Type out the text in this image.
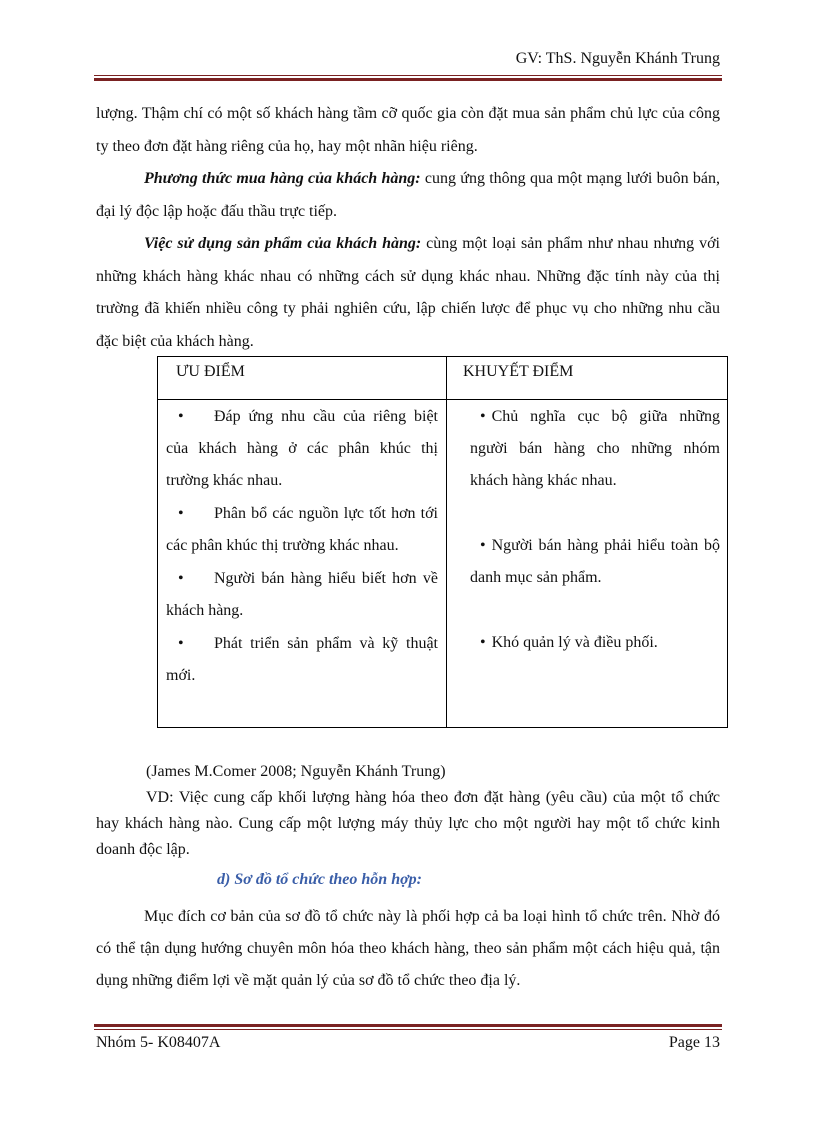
GV: ThS. Nguyễn Khánh Trung

lượng. Thậm chí có một số khách hàng tầm cỡ quốc gia còn đặt mua sản phẩm chủ lực của công ty theo đơn đặt hàng riêng của họ, hay một nhãn hiệu riêng.

Phương thức mua hàng của khách hàng: cung ứng thông qua một mạng lưới buôn bán, đại lý độc lập hoặc đấu thầu trực tiếp.

Việc sử dụng sản phẩm của khách hàng: cùng một loại sản phẩm như nhau nhưng với những khách hàng khác nhau có những cách sử dụng khác nhau. Những đặc tính này của thị trường đã khiến nhiều công ty phải nghiên cứu, lập chiến lược để phục vụ cho những nhu cầu đặc biệt của khách hàng.

ƯU ĐIỂM	KHUYẾT ĐIỂM
• Đáp ứng nhu cầu của riêng biệt của khách hàng ở các phân khúc thị trường khác nhau.
• Phân bổ các nguồn lực tốt hơn tới các phân khúc thị trường khác nhau.
• Người bán hàng hiểu biết hơn về khách hàng.
• Phát triển sản phẩm và kỹ thuật mới.
• Chủ nghĩa cục bộ giữa những người bán hàng cho những nhóm khách hàng khác nhau.
• Người bán hàng phải hiểu toàn bộ danh mục sản phẩm.
• Khó quản lý và điều phối.
(James M.Comer 2008; Nguyễn Khánh Trung)

VD: Việc cung cấp khối lượng hàng hóa theo đơn đặt hàng (yêu cầu) của một tổ chức hay khách hàng nào. Cung cấp một lượng máy thủy lực cho một người hay một tổ chức kinh doanh độc lập.

d) Sơ đồ tổ chức theo hỗn hợp:

Mục đích cơ bản của sơ đồ tổ chức này là phối hợp cả ba loại hình tổ chức trên. Nhờ đó có thể tận dụng hướng chuyên môn hóa theo khách hàng, theo sản phẩm một cách hiệu quả, tận dụng những điểm lợi về mặt quản lý của sơ đồ tổ chức theo địa lý.

Nhóm 5- K08407A	Page 13
